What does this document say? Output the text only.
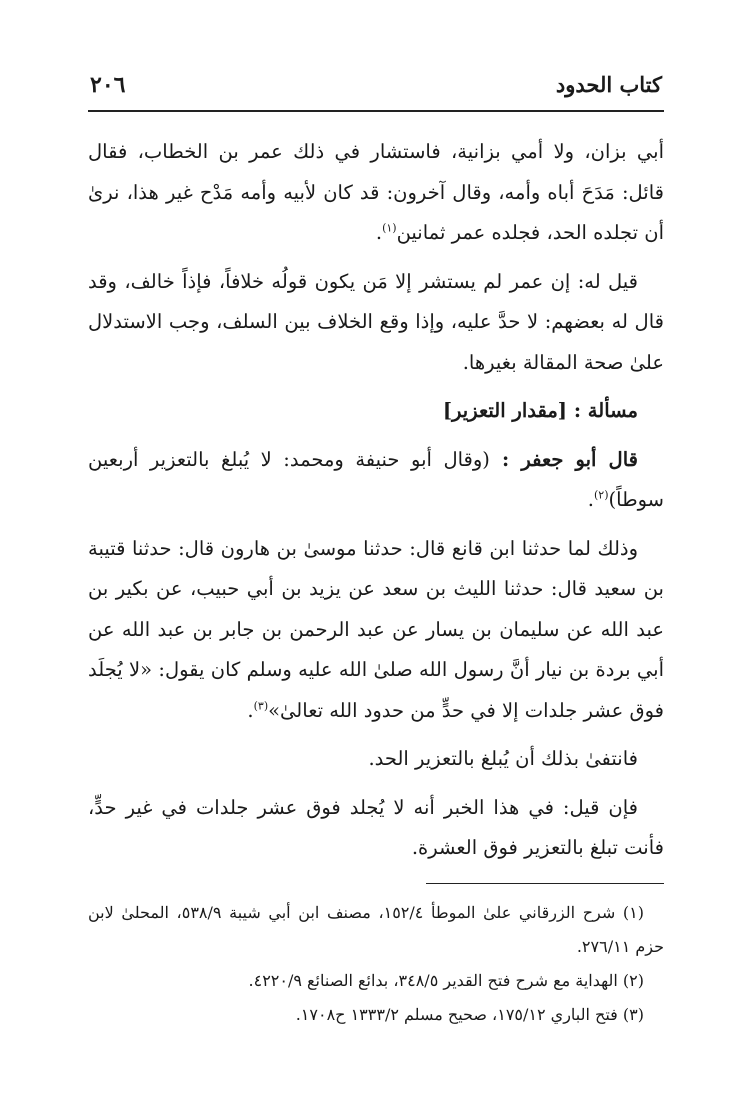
كتاب الحدود
٢٠٦

أبي بزان، ولا أمي بزانية، فاستشار في ذلك عمر بن الخطاب، فقال قائل: مَدَحَ أباه وأمه، وقال آخرون: قد كان لأبيه وأمه مَدْح غير هذا، نرىٰ أن تجلده الحد، فجلده عمر ثمانين$^{(١)}$.

قيل له: إن عمر لم يستشر إلا مَن يكون قولُه خلافاً، فإذاً خالف، وقد قال له بعضهم: لا حدَّ عليه، وإذا وقع الخلاف بين السلف، وجب الاستدلال علىٰ صحة المقالة بغيرها.

مسألة : [مقدار التعزير]

قال أبو جعفر : (وقال أبو حنيفة ومحمد: لا يُبلغ بالتعزير أربعين سوطاً)$^{(٢)}$.

وذلك لما حدثنا ابن قانع قال: حدثنا موسىٰ بن هارون قال: حدثنا قتيبة بن سعيد قال: حدثنا الليث بن سعد عن يزيد بن أبي حبيب، عن بكير بن عبد الله عن سليمان بن يسار عن عبد الرحمن بن جابر بن عبد الله عن أبي بردة بن نيار أنَّ رسول الله صلىٰ الله عليه وسلم كان يقول: «لا يُجلَد فوق عشر جلدات إلا في حدٍّ من حدود الله تعالىٰ»$^{(٣)}$.

فانتفىٰ بذلك أن يُبلغ بالتعزير الحد.

فإن قيل: في هذا الخبر أنه لا يُجلد فوق عشر جلدات في غير حدٍّ، فأنت تبلغ بالتعزير فوق العشرة.

(١) شرح الزرقاني علىٰ الموطأ ١٥٢/٤، مصنف ابن أبي شيبة ٥٣٨/٩، المحلىٰ لابن حزم ٢٧٦/١١.

(٢) الهداية مع شرح فتح القدير ٣٤٨/٥، بدائع الصنائع ٤٢٢٠/٩.

(٣) فتح الباري ١٧٥/١٢، صحيح مسلم ١٣٣٣/٢ ح١٧٠٨.
